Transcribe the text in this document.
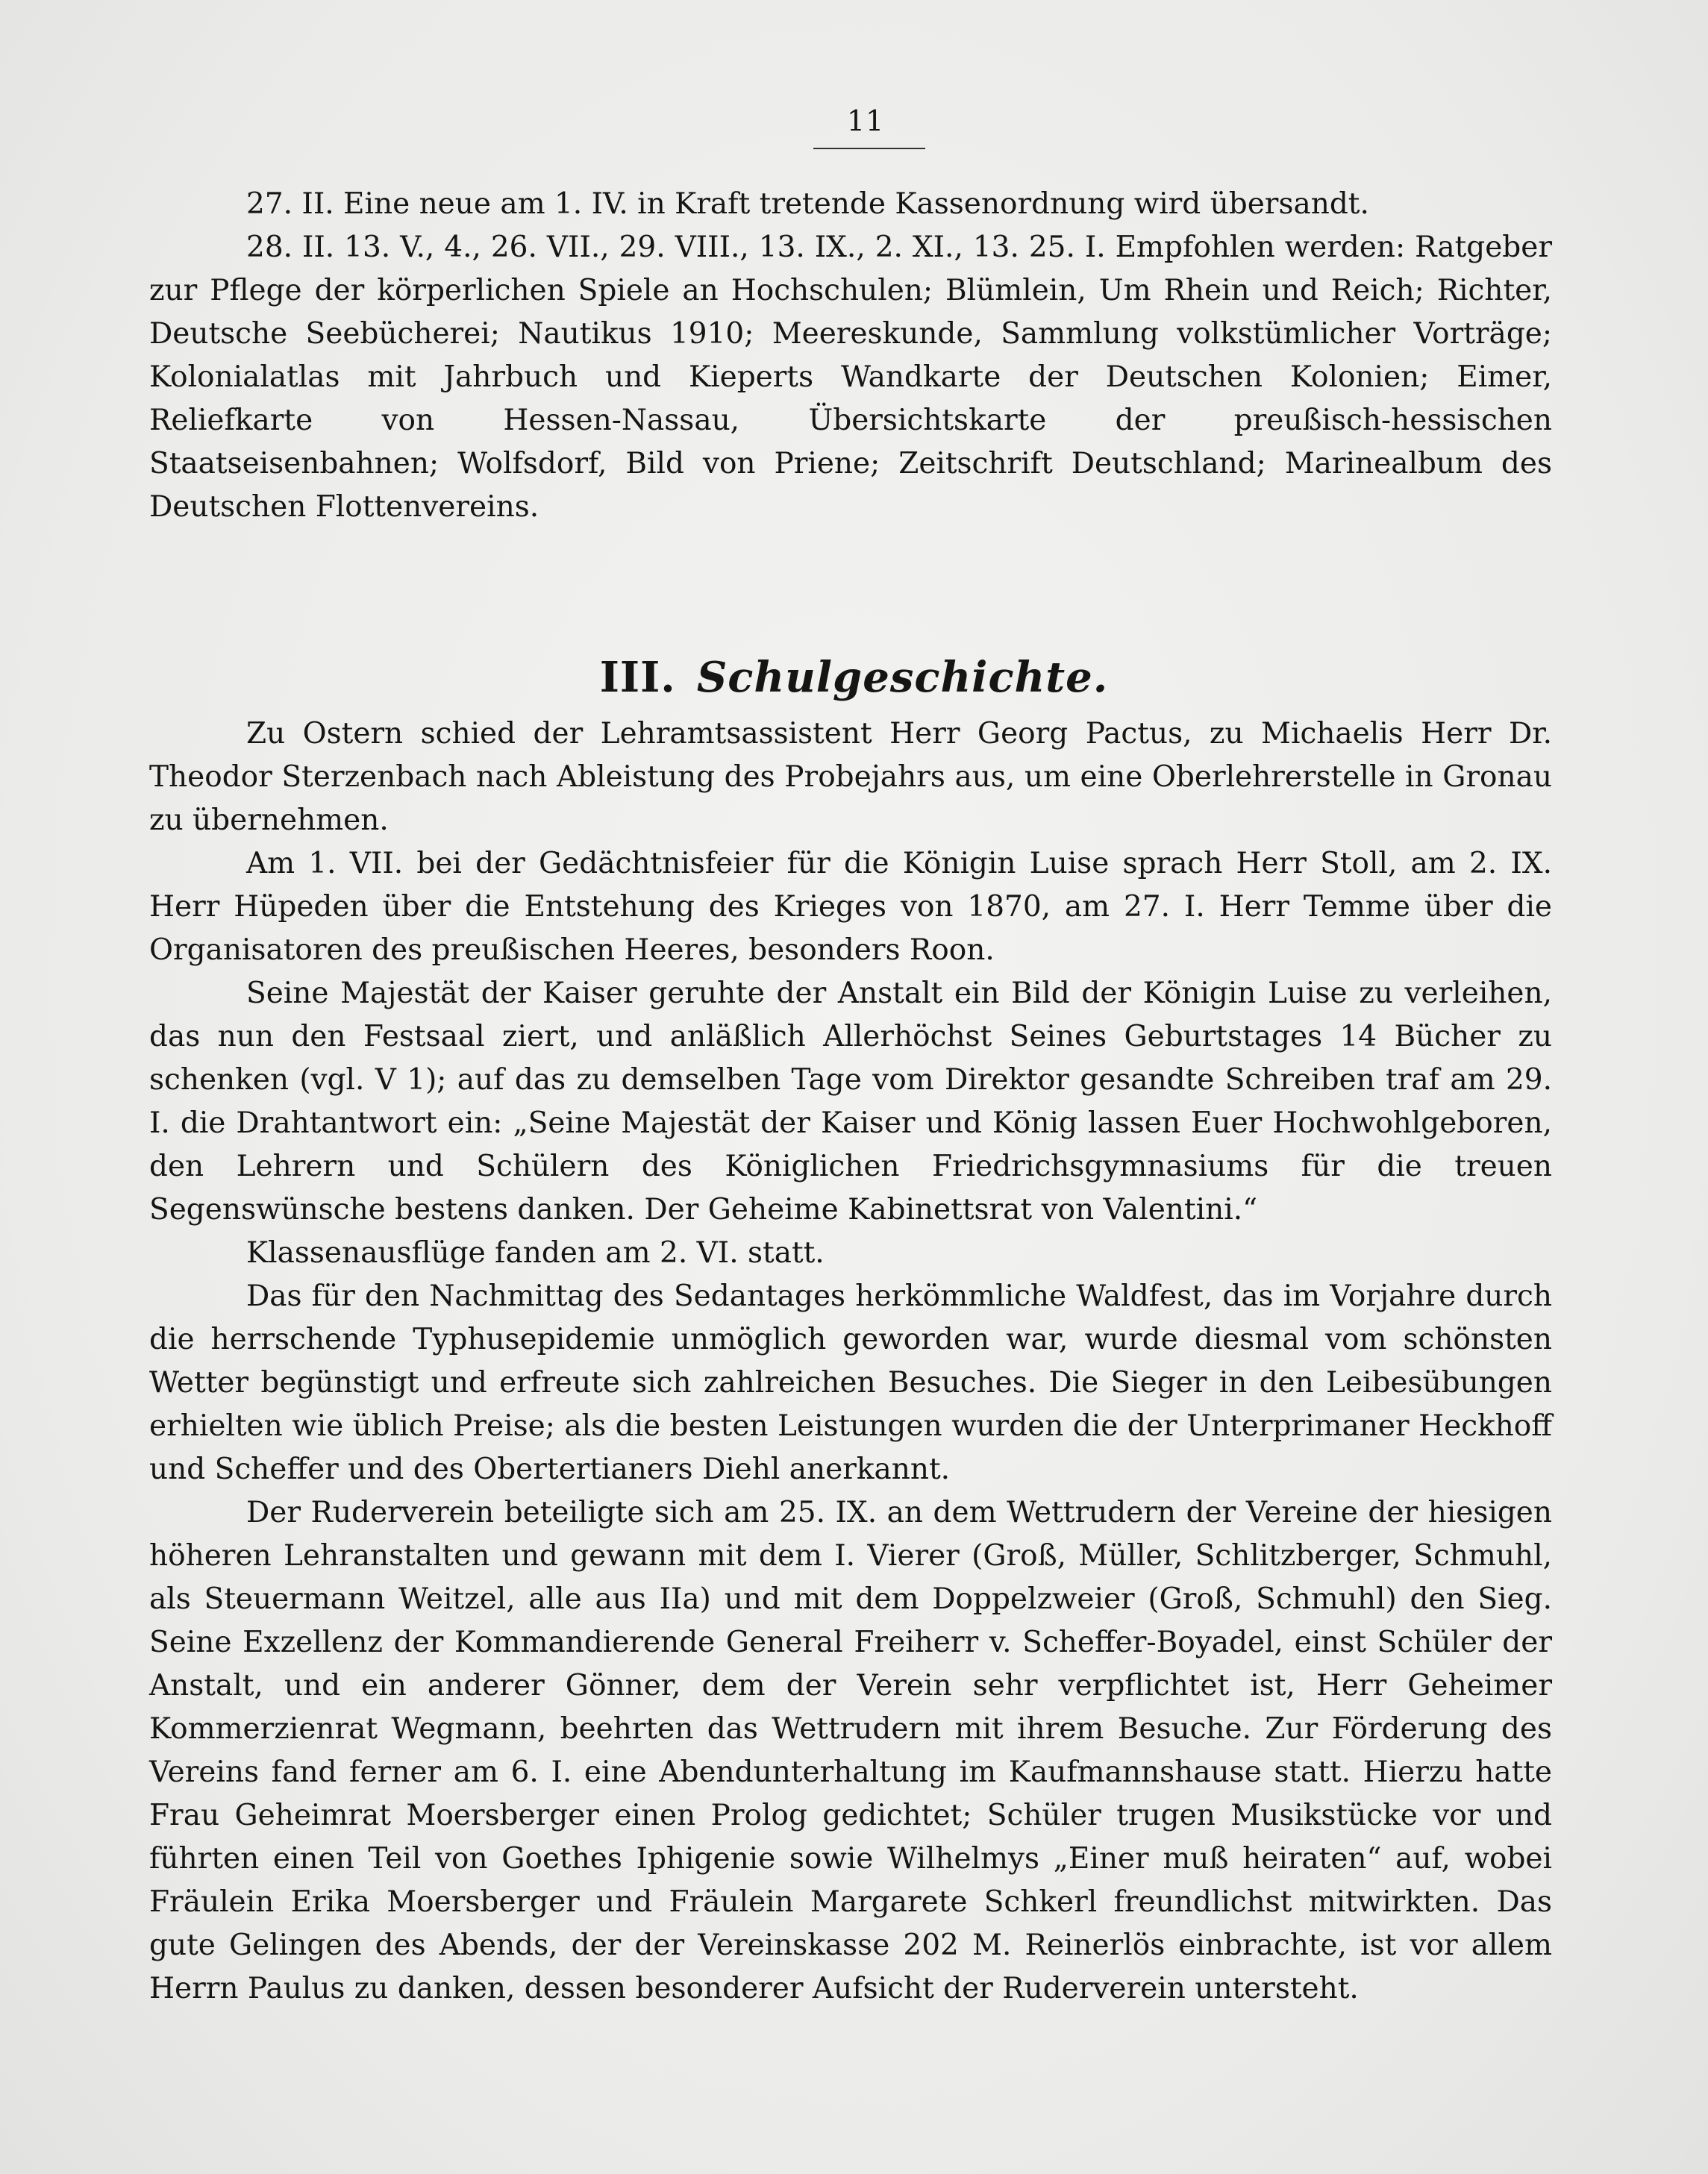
11

27. II. Eine neue am 1. IV. in Kraft tretende Kassenordnung wird übersandt.

28. II. 13. V., 4., 26. VII., 29. VIII., 13. IX., 2. XI., 13. 25. I. Empfohlen werden: Ratgeber zur Pflege der körperlichen Spiele an Hochschulen; Blümlein, Um Rhein und Reich; Richter, Deutsche Seebücherei; Nautikus 1910; Meereskunde, Sammlung volkstümlicher Vorträge; Kolonialatlas mit Jahrbuch und Kieperts Wandkarte der Deutschen Kolonien; Eimer, Reliefkarte von Hessen-Nassau, Übersichtskarte der preußisch-hessischen Staatseisenbahnen; Wolfsdorf, Bild von Priene; Zeitschrift Deutschland; Marinealbum des Deutschen Flottenvereins.

III. Schulgeschichte.

Zu Ostern schied der Lehramtsassistent Herr Georg Pactus, zu Michaelis Herr Dr. Theodor Sterzenbach nach Ableistung des Probejahrs aus, um eine Oberlehrerstelle in Gronau zu übernehmen.

Am 1. VII. bei der Gedächtnisfeier für die Königin Luise sprach Herr Stoll, am 2. IX. Herr Hüpeden über die Entstehung des Krieges von 1870, am 27. I. Herr Temme über die Organisatoren des preußischen Heeres, besonders Roon.

Seine Majestät der Kaiser geruhte der Anstalt ein Bild der Königin Luise zu verleihen, das nun den Festsaal ziert, und anläßlich Allerhöchst Seines Geburtstages 14 Bücher zu schenken (vgl. V 1); auf das zu demselben Tage vom Direktor gesandte Schreiben traf am 29. I. die Drahtantwort ein: „Seine Majestät der Kaiser und König lassen Euer Hochwohlgeboren, den Lehrern und Schülern des Königlichen Friedrichsgymnasiums für die treuen Segenswünsche bestens danken. Der Geheime Kabinettsrat von Valentini.“

Klassenausflüge fanden am 2. VI. statt.

Das für den Nachmittag des Sedantages herkömmliche Waldfest, das im Vorjahre durch die herrschende Typhusepidemie unmöglich geworden war, wurde diesmal vom schönsten Wetter begünstigt und erfreute sich zahlreichen Besuches. Die Sieger in den Leibesübungen erhielten wie üblich Preise; als die besten Leistungen wurden die der Unterprimaner Heckhoff und Scheffer und des Obertertianers Diehl anerkannt.

Der Ruderverein beteiligte sich am 25. IX. an dem Wettrudern der Vereine der hiesigen höheren Lehranstalten und gewann mit dem I. Vierer (Groß, Müller, Schlitzberger, Schmuhl, als Steuermann Weitzel, alle aus IIa) und mit dem Doppelzweier (Groß, Schmuhl) den Sieg. Seine Exzellenz der Kommandierende General Freiherr v. Scheffer-Boyadel, einst Schüler der Anstalt, und ein anderer Gönner, dem der Verein sehr verpflichtet ist, Herr Geheimer Kommerzienrat Wegmann, beehrten das Wettrudern mit ihrem Besuche. Zur Förderung des Vereins fand ferner am 6. I. eine Abendunterhaltung im Kaufmannshause statt. Hierzu hatte Frau Geheimrat Moersberger einen Prolog gedichtet; Schüler trugen Musikstücke vor und führten einen Teil von Goethes Iphigenie sowie Wilhelmys „Einer muß heiraten“ auf, wobei Fräulein Erika Moersberger und Fräulein Margarete Schkerl freundlichst mitwirkten. Das gute Gelingen des Abends, der der Vereinskasse 202 M. Reinerlös einbrachte, ist vor allem Herrn Paulus zu danken, dessen besonderer Aufsicht der Ruderverein untersteht.
